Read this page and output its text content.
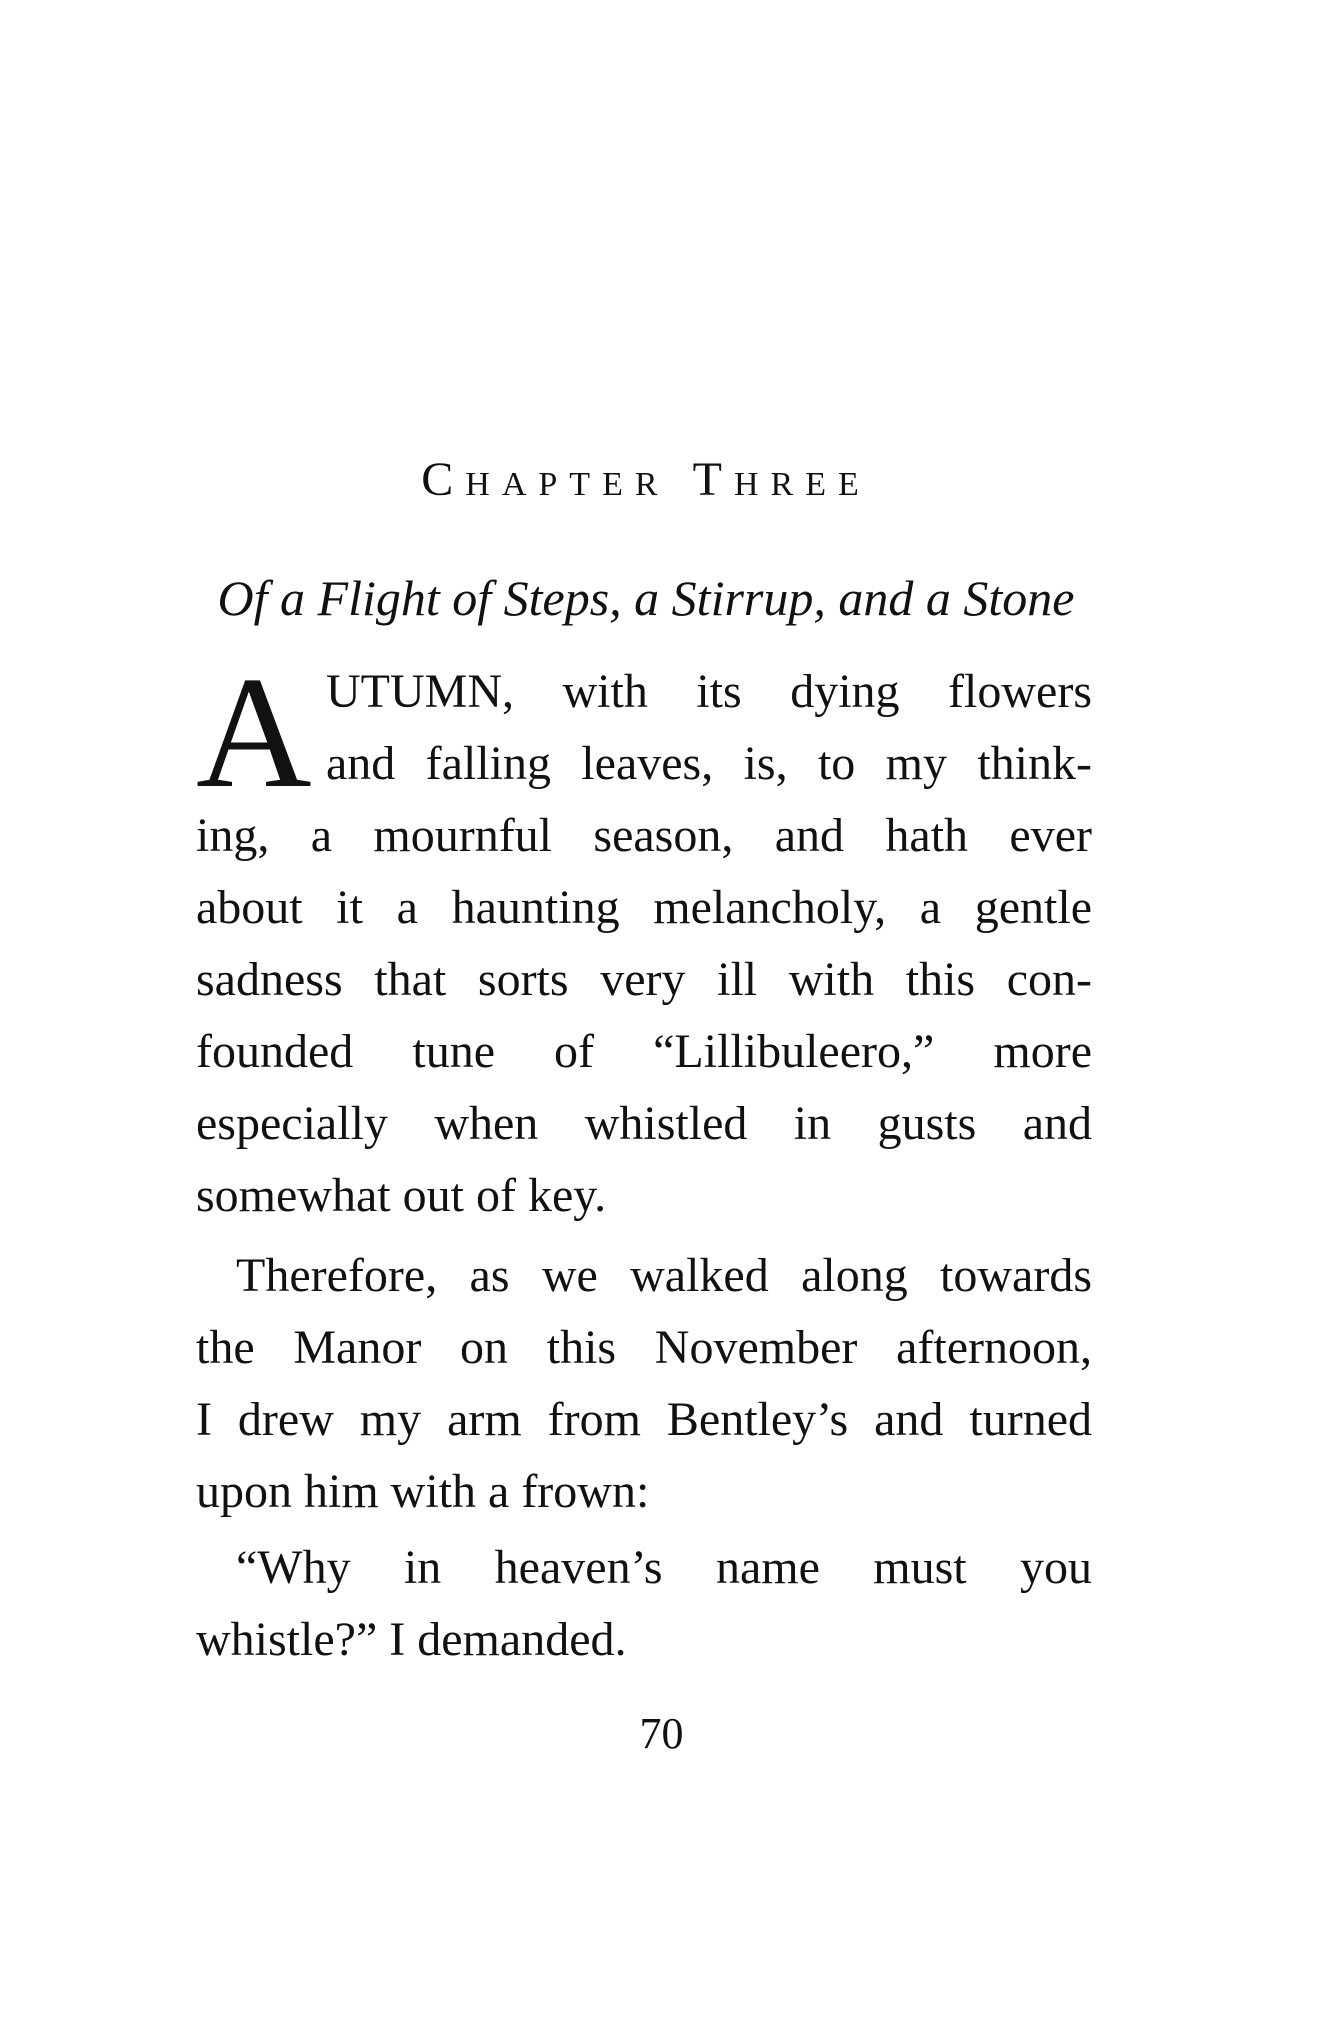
Chapter Three
Of a Flight of Steps, a Stirrup, and a Stone
A UTUMN, with its dying flowers
and falling leaves, is, to my think-
ing, a mournful season, and hath ever
about it a haunting melancholy, a gentle
sadness that sorts very ill with this con-
founded tune of “Lillibuleero,” more
especially when whistled in gusts and
somewhat out of key.
Therefore, as we walked along towards
the Manor on this November afternoon,
I drew my arm from Bentley’s and turned
upon him with a frown:
“Why in heaven’s name must you
whistle?” I demanded.
70
